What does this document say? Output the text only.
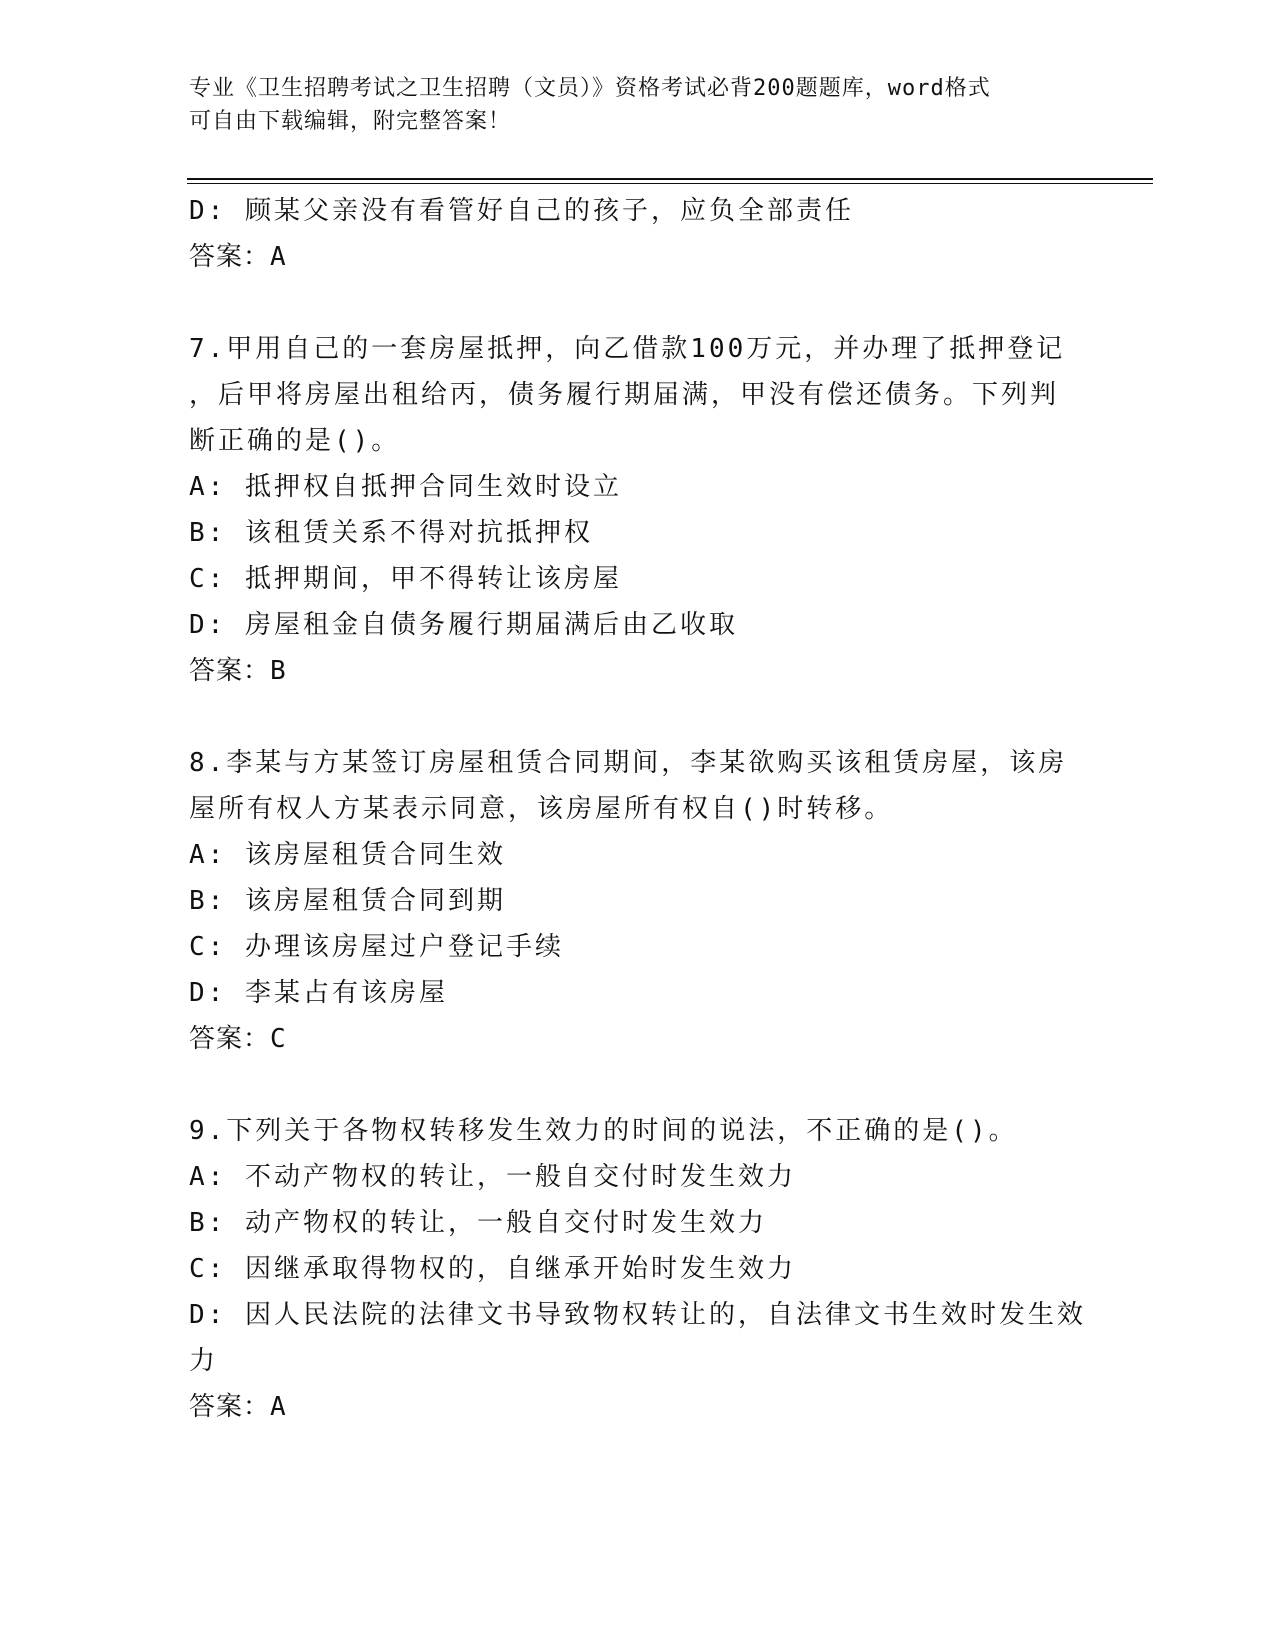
专业《卫生招聘考试之卫生招聘（文员）》资格考试必背200题题库，word格式
可自由下载编辑，附完整答案！
D: 顾某父亲没有看管好自己的孩子，应负全部责任
答案：A
7.甲用自己的一套房屋抵押，向乙借款100万元，并办理了抵押登记
，后甲将房屋出租给丙，债务履行期届满，甲没有偿还债务。下列判
断正确的是()。
A: 抵押权自抵押合同生效时设立
B: 该租赁关系不得对抗抵押权
C: 抵押期间，甲不得转让该房屋
D: 房屋租金自债务履行期届满后由乙收取
答案：B
8.李某与方某签订房屋租赁合同期间，李某欲购买该租赁房屋，该房
屋所有权人方某表示同意，该房屋所有权自()时转移。
A: 该房屋租赁合同生效
B: 该房屋租赁合同到期
C: 办理该房屋过户登记手续
D: 李某占有该房屋
答案：C
9.下列关于各物权转移发生效力的时间的说法，不正确的是()。
A: 不动产物权的转让，一般自交付时发生效力
B: 动产物权的转让，一般自交付时发生效力
C: 因继承取得物权的，自继承开始时发生效力
D: 因人民法院的法律文书导致物权转让的，自法律文书生效时发生效
力
答案：A
